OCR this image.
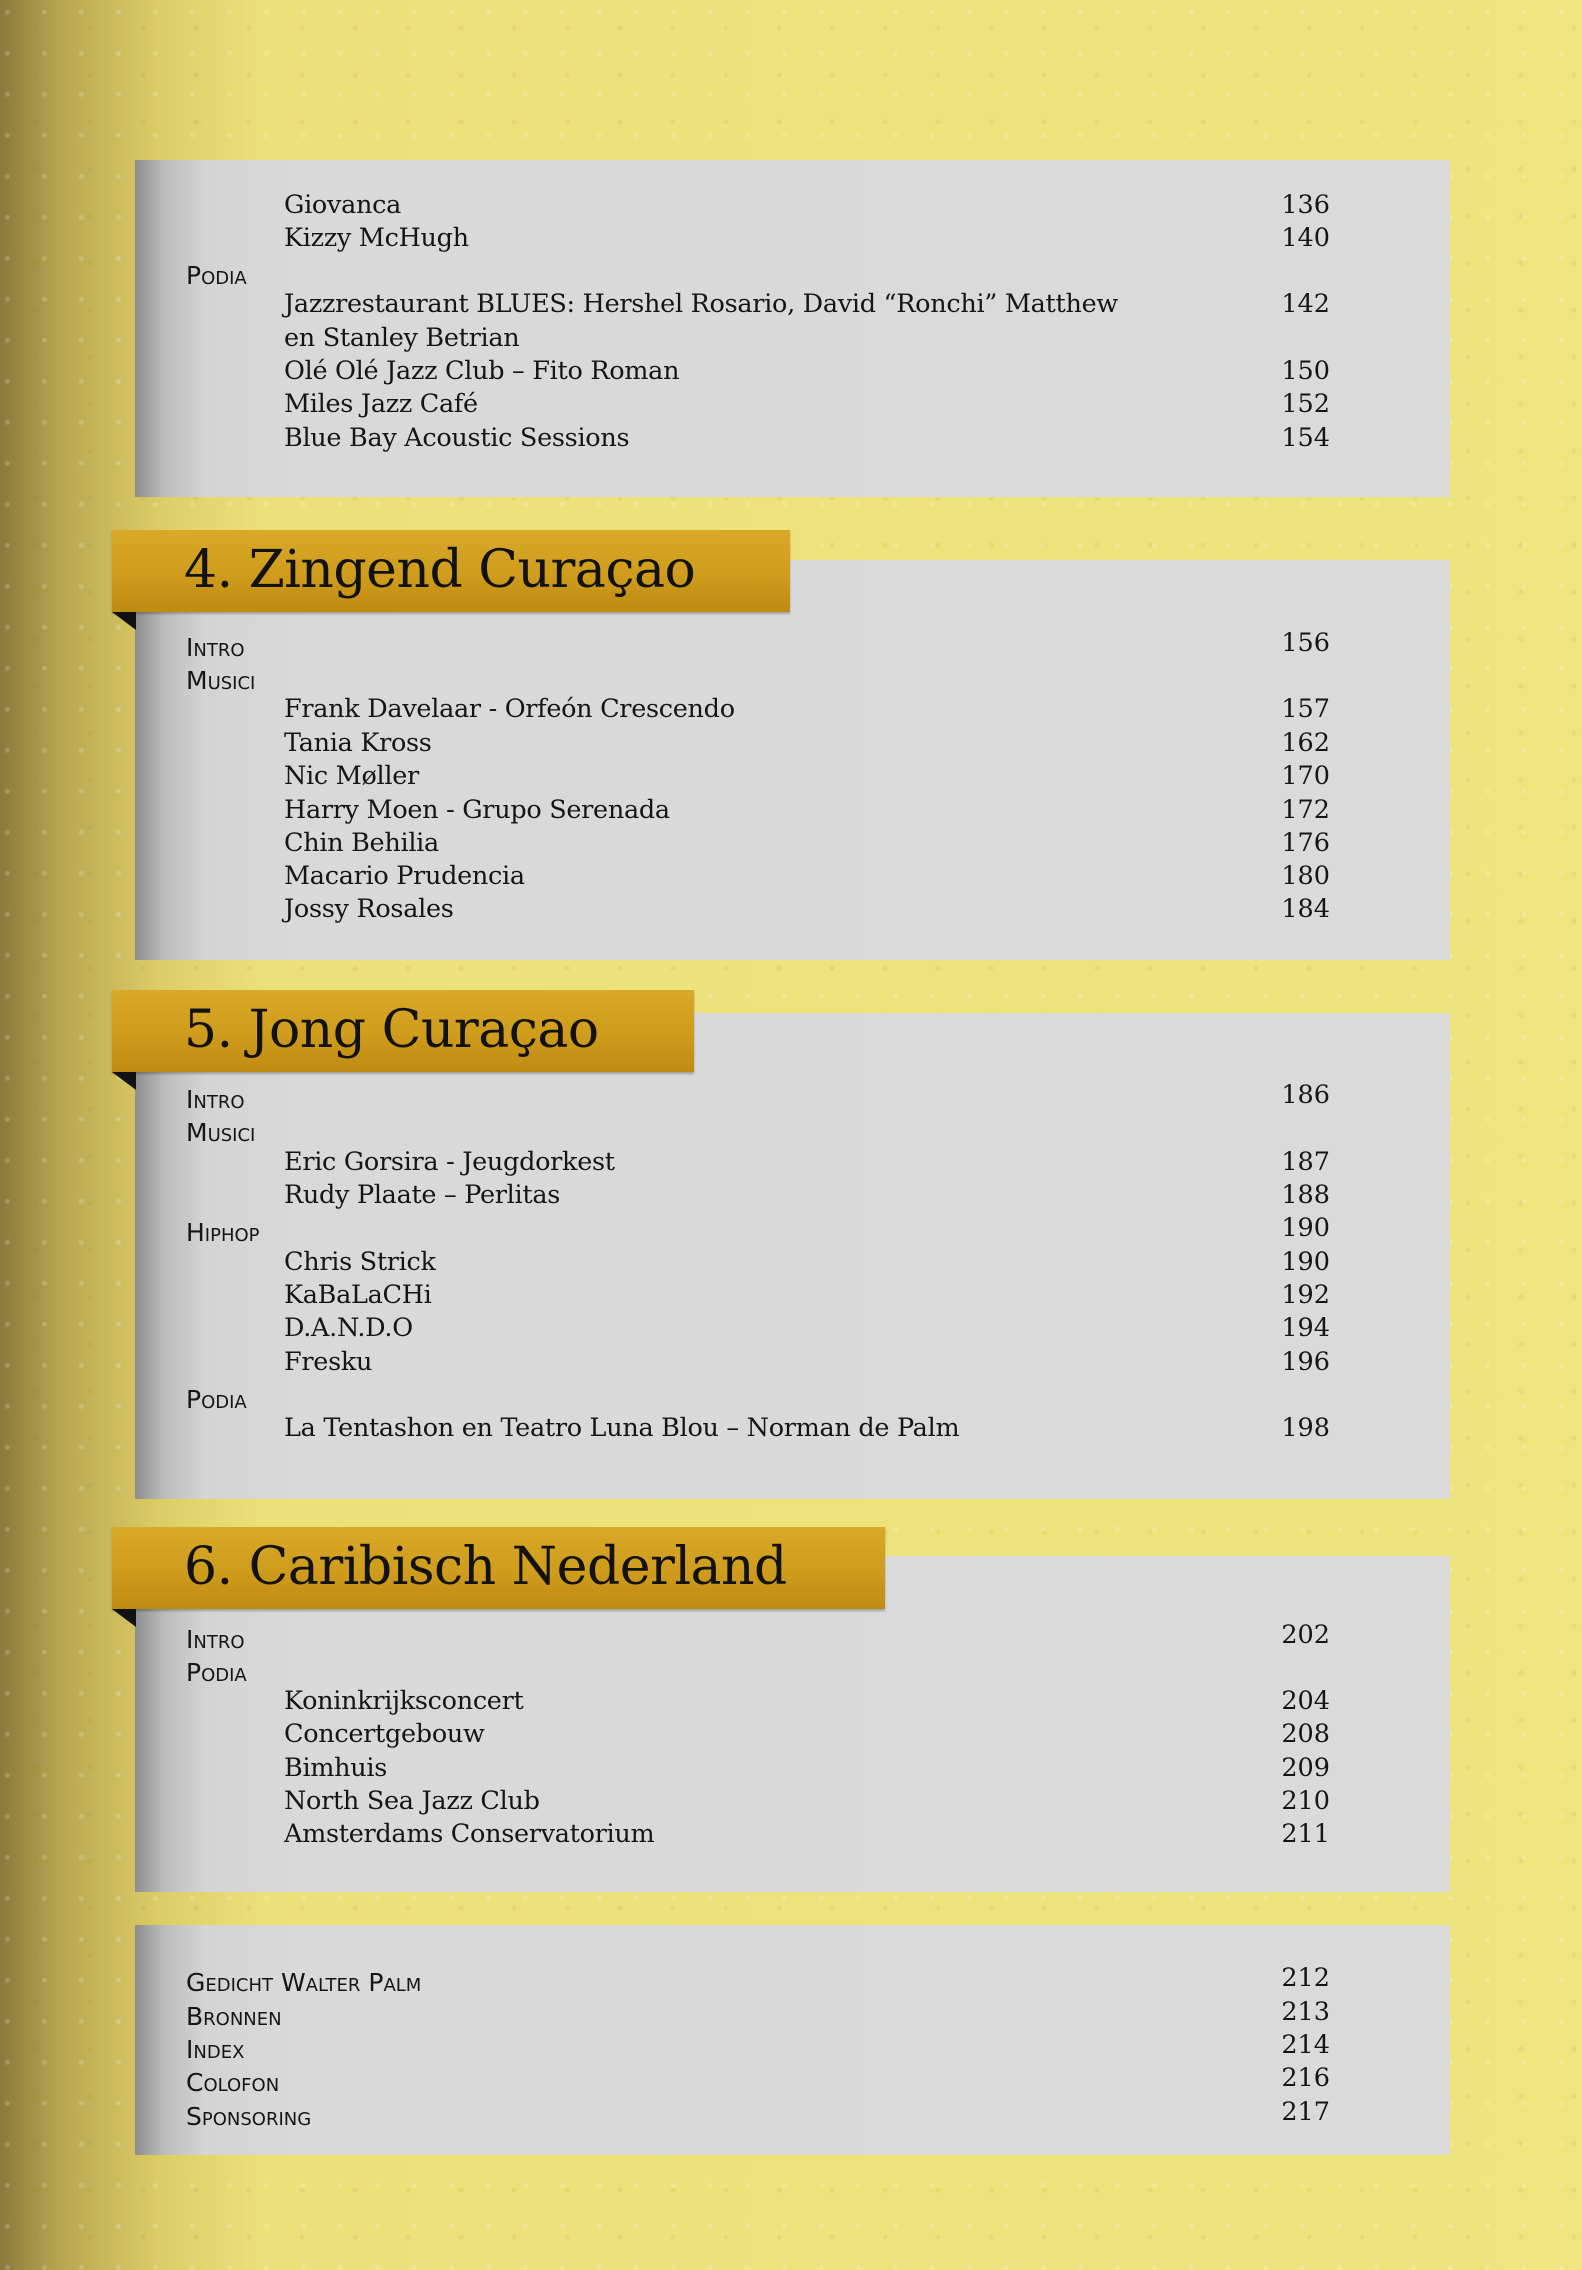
4. Zingend Curaçao
5. Jong Curaçao
6. Caribisch Nederland
Giovanca	136
Kizzy McHugh	140
Podia
Jazzrestaurant BLUES: Hershel Rosario, David “Ronchi” Matthew	142
en Stanley Betrian
Olé Olé Jazz Club – Fito Roman	150
Miles Jazz Café	152
Blue Bay Acoustic Sessions	154
Intro	156
Musici
Frank Davelaar - Orfeón Crescendo	157
Tania Kross	162
Nic Møller	170
Harry Moen - Grupo Serenada	172
Chin Behilia	176
Macario Prudencia	180
Jossy Rosales	184
Intro	186
Musici
Eric Gorsira - Jeugdorkest	187
Rudy Plaate – Perlitas	188
Hiphop	190
Chris Strick	190
KaBaLaCHi	192
D.A.N.D.O	194
Fresku	196
Podia
La Tentashon en Teatro Luna Blou – Norman de Palm	198
Intro	202
Podia
Koninkrijksconcert	204
Concertgebouw	208
Bimhuis	209
North Sea Jazz Club	210
Amsterdams Conservatorium	211
Gedicht Walter Palm	212
Bronnen	213
Index	214
Colofon	216
Sponsoring	217
